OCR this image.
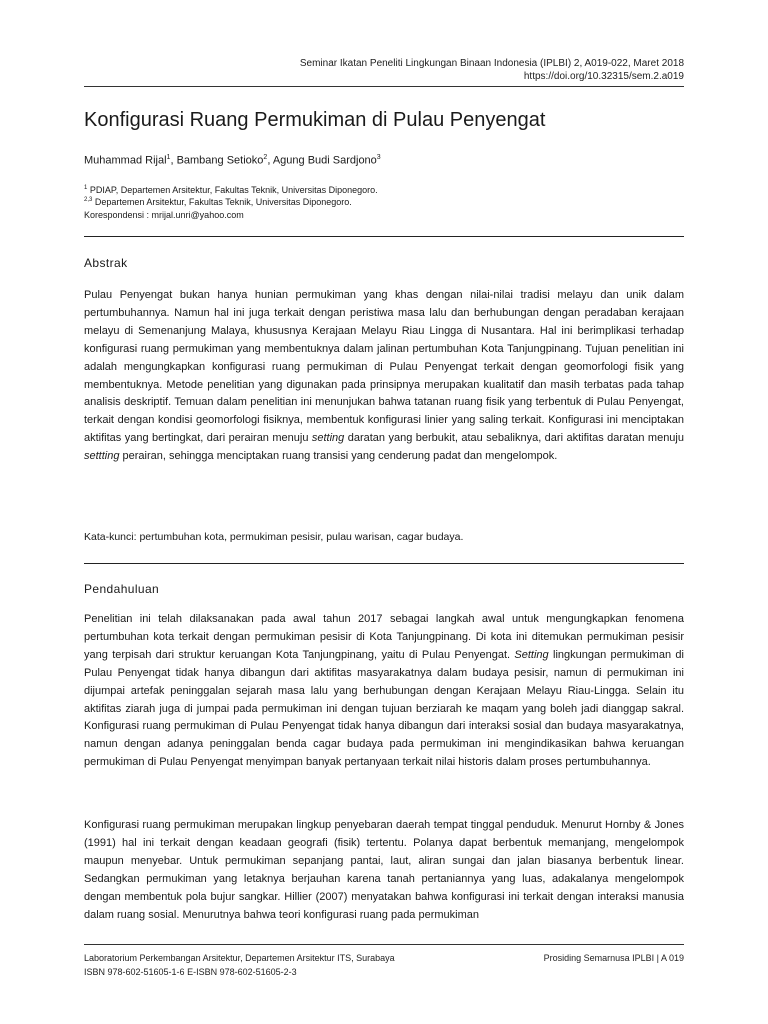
Seminar Ikatan Peneliti Lingkungan Binaan Indonesia (IPLBI) 2, A019-022, Maret 2018
https://doi.org/10.32315/sem.2.a019
Konfigurasi Ruang Permukiman di Pulau Penyengat
Muhammad Rijal$^1$, Bambang Setioko$^2$, Agung Budi Sardjono$^3$
$^1$ PDIAP, Departemen Arsitektur, Fakultas Teknik, Universitas Diponegoro.
$^{2,3}$ Departemen Arsitektur, Fakultas Teknik, Universitas Diponegoro.
Korespondensi : mrijal.unri@yahoo.com
Abstrak
Pulau Penyengat bukan hanya hunian permukiman yang khas dengan nilai-nilai tradisi melayu dan unik dalam pertumbuhannya. Namun hal ini juga terkait dengan peristiwa masa lalu dan berhubungan dengan peradaban kerajaan melayu di Semenanjung Malaya, khususnya Kerajaan Melayu Riau Lingga di Nusantara. Hal ini berimplikasi terhadap konfigurasi ruang permukiman yang membentuknya dalam jalinan pertumbuhan Kota Tanjungpinang. Tujuan penelitian ini adalah mengungkapkan konfigurasi ruang permukiman di Pulau Penyengat terkait dengan geomorfologi fisik yang membentuknya. Metode penelitian yang digunakan pada prinsipnya merupakan kualitatif dan masih terbatas pada tahap analisis deskriptif. Temuan dalam penelitian ini menunjukan bahwa tatanan ruang fisik yang terbentuk di Pulau Penyengat, terkait dengan kondisi geomorfologi fisiknya, membentuk konfigurasi linier yang saling terkait. Konfigurasi ini menciptakan aktifitas yang bertingkat, dari perairan menuju setting daratan yang berbukit, atau sebaliknya, dari aktifitas daratan menuju settting perairan, sehingga menciptakan ruang transisi yang cenderung padat dan mengelompok.
Kata-kunci: pertumbuhan kota, permukiman pesisir, pulau warisan, cagar budaya.
Pendahuluan
Penelitian ini telah dilaksanakan pada awal tahun 2017 sebagai langkah awal untuk mengungkapkan fenomena pertumbuhan kota terkait dengan permukiman pesisir di Kota Tanjungpinang. Di kota ini ditemukan permukiman pesisir yang terpisah dari struktur keruangan Kota Tanjungpinang, yaitu di Pulau Penyengat. Setting lingkungan permukiman di Pulau Penyengat tidak hanya dibangun dari aktifitas masyarakatnya dalam budaya pesisir, namun di permukiman ini dijumpai artefak peninggalan sejarah masa lalu yang berhubungan dengan Kerajaan Melayu Riau-Lingga. Selain itu aktifitas ziarah juga di jumpai pada permukiman ini dengan tujuan berziarah ke maqam yang boleh jadi dianggap sakral. Konfigurasi ruang permukiman di Pulau Penyengat tidak hanya dibangun dari interaksi sosial dan budaya masyarakatnya, namun dengan adanya peninggalan benda cagar budaya pada permukiman ini mengindikasikan bahwa keruangan permukiman di Pulau Penyengat menyimpan banyak pertanyaan terkait nilai historis dalam proses pertumbuhannya.
Konfigurasi ruang permukiman merupakan lingkup penyebaran daerah tempat tinggal penduduk. Menurut Hornby & Jones (1991) hal ini terkait dengan keadaan geografi (fisik) tertentu. Polanya dapat berbentuk memanjang, mengelompok maupun menyebar. Untuk permukiman sepanjang pantai, laut, aliran sungai dan jalan biasanya berbentuk linear. Sedangkan permukiman yang letaknya berjauhan karena tanah pertaniannya yang luas, adakalanya mengelompok dengan membentuk pola bujur sangkar. Hillier (2007) menyatakan bahwa konfigurasi ini terkait dengan interaksi manusia dalam ruang sosial. Menurutnya bahwa teori konfigurasi ruang pada permukiman
Laboratorium Perkembangan Arsitektur, Departemen Arsitektur ITS, Surabaya
ISBN 978-602-51605-1-6 E-ISBN 978-602-51605-2-3
Prosiding Semarnusa IPLBI | A 019
